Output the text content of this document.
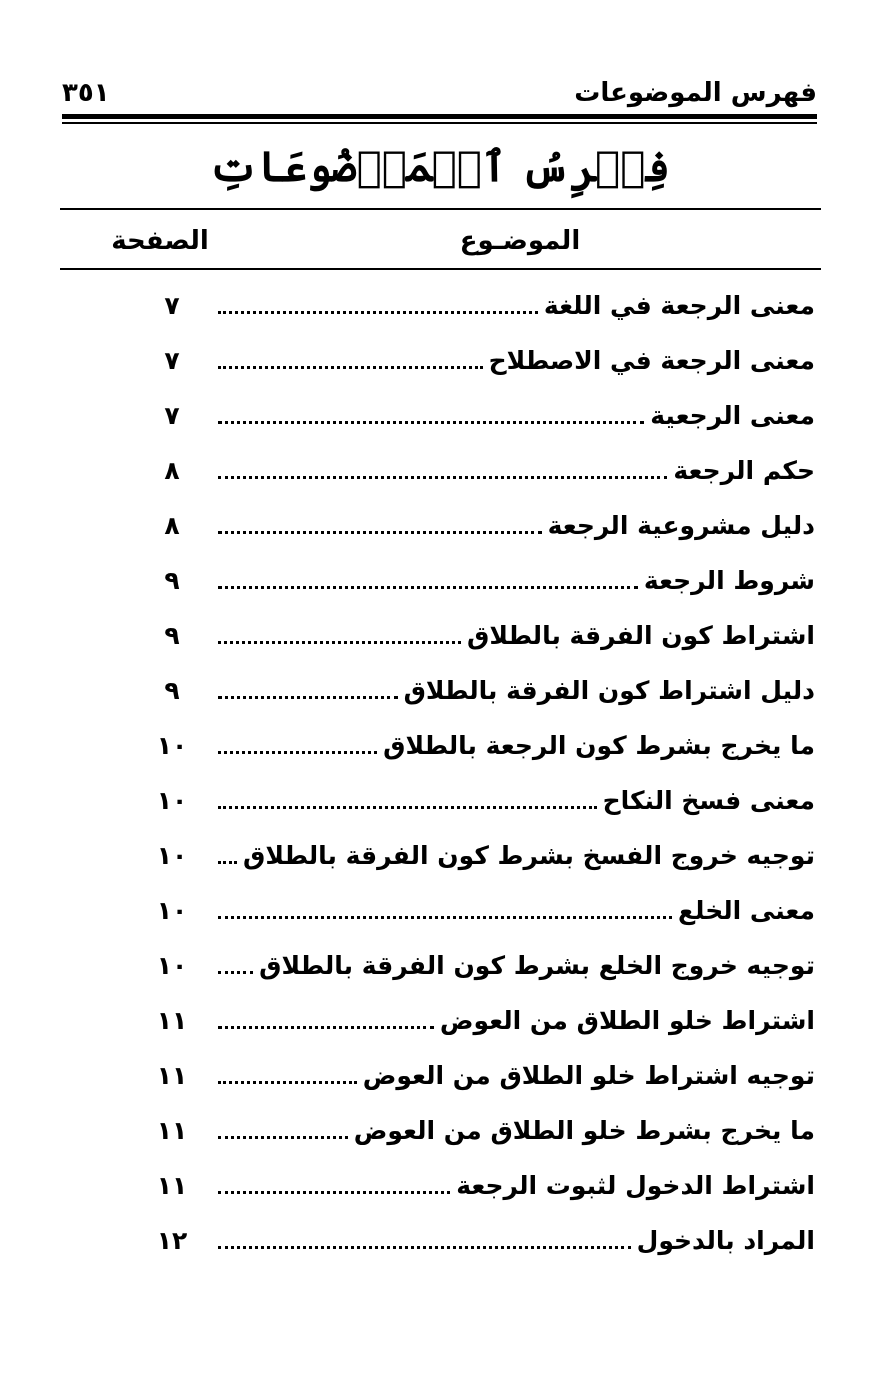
فهرس الموضوعات
٣٥١
فِهۡرِسُ ٱلۡمَوۡضُوعَاتِ
الموضـوع
الصفحة
معنى الرجعة في اللغة
٧
معنى الرجعة في الاصطلاح
٧
معنى الرجعية
٧
حكم الرجعة
٨
دليل مشروعية الرجعة
٨
شروط الرجعة
٩
اشتراط كون الفرقة بالطلاق
٩
دليل اشتراط كون الفرقة بالطلاق
٩
ما يخرج بشرط كون الرجعة بالطلاق
١٠
معنى فسخ النكاح
١٠
توجيه خروج الفسخ بشرط كون الفرقة بالطلاق
١٠
معنى الخلع
١٠
توجيه خروج الخلع بشرط كون الفرقة بالطلاق
١٠
اشتراط خلو الطلاق من العوض
١١
توجيه اشتراط خلو الطلاق من العوض
١١
ما يخرج بشرط خلو الطلاق من العوض
١١
اشتراط الدخول لثبوت الرجعة
١١
المراد بالدخول
١٢
